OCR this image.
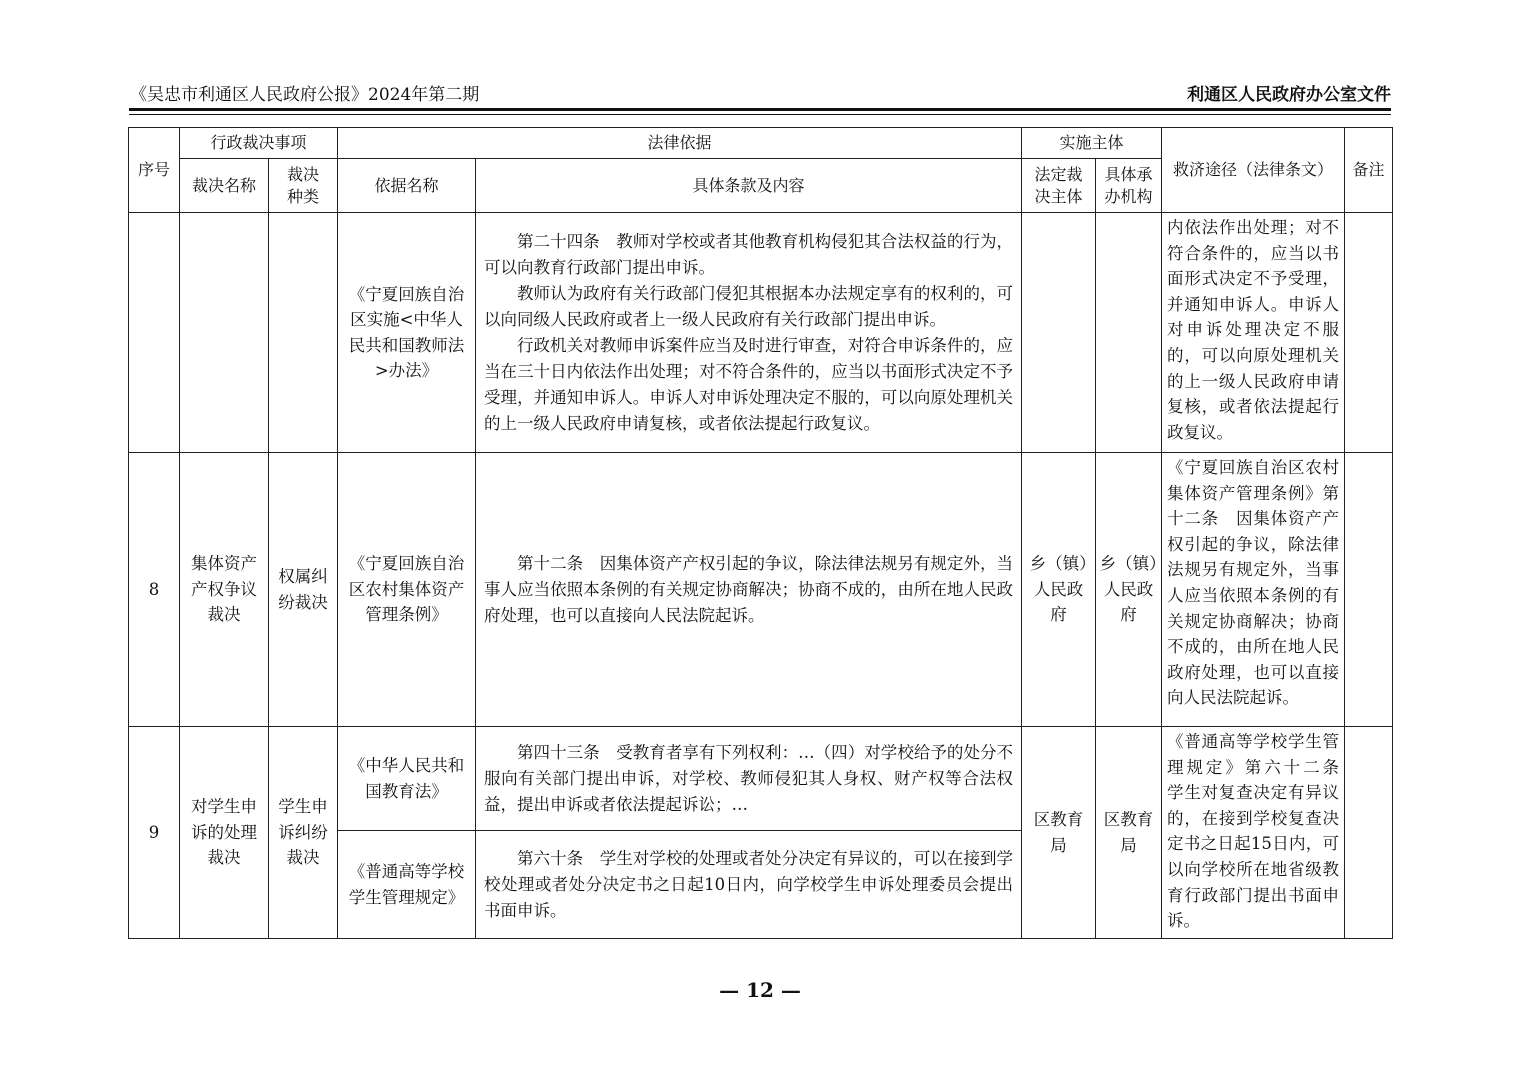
《吴忠市利通区人民政府公报》2024年第二期	利通区人民政府办公室文件
序号	行政裁决事项		法律依据		实施主体		救济途径（法律条文）	备注
	裁决名称	裁决种类	依据名称	具体条款及内容	法定裁决主体	具体承办机构		
			《宁夏回族自治区实施<中华人民共和国教师法>办法》	第二十四条　教师对学校或者其他教育机构侵犯其合法权益的行为，可以向教育行政部门提出申诉。

教师认为政府有关行政部门侵犯其根据本办法规定享有的权利的，可以向同级人民政府或者上一级人民政府有关行政部门提出申诉。

行政机关对教师申诉案件应当及时进行审查，对符合申诉条件的，应当在三十日内依法作出处理；对不符合条件的，应当以书面形式决定不予受理，并通知申诉人。申诉人对申诉处理决定不服的，可以向原处理机关的上一级人民政府申请复核，或者依法提起行政复议。			内依法作出处理；对不符合条件的，应当以书面形式决定不予受理，并通知申诉人。申诉人对申诉处理决定不服的，可以向原处理机关的上一级人民政府申请复核，或者依法提起行政复议。	
8	集体资产产权争议裁决	权属纠纷裁决	《宁夏回族自治区农村集体资产管理条例》	第十二条　因集体资产产权引起的争议，除法律法规另有规定外，当事人应当依照本条例的有关规定协商解决；协商不成的，由所在地人民政府处理，也可以直接向人民法院起诉。	乡（镇）人民政府	乡（镇）人民政府	《宁夏回族自治区农村集体资产管理条例》第十二条　因集体资产产权引起的争议，除法律法规另有规定外，当事人应当依照本条例的有关规定协商解决；协商不成的，由所在地人民政府处理，也可以直接向人民法院起诉。	
9	对学生申诉的处理裁决	学生申诉纠纷裁决	《中华人民共和国教育法》	第四十三条　受教育者享有下列权利：…（四）对学校给予的处分不服向有关部门提出申诉，对学校、教师侵犯其人身权、财产权等合法权益，提出申诉或者依法提起诉讼；…	区教育局	区教育局	《普通高等学校学生管理规定》第六十二条　学生对复查决定有异议的，在接到学校复查决定书之日起15日内，可以向学校所在地省级教育行政部门提出书面申诉。	
			《普通高等学校学生管理规定》	第六十条　学生对学校的处理或者处分决定有异议的，可以在接到学校处理或者处分决定书之日起10日内，向学校学生申诉处理委员会提出书面申诉。				

— 12 —
